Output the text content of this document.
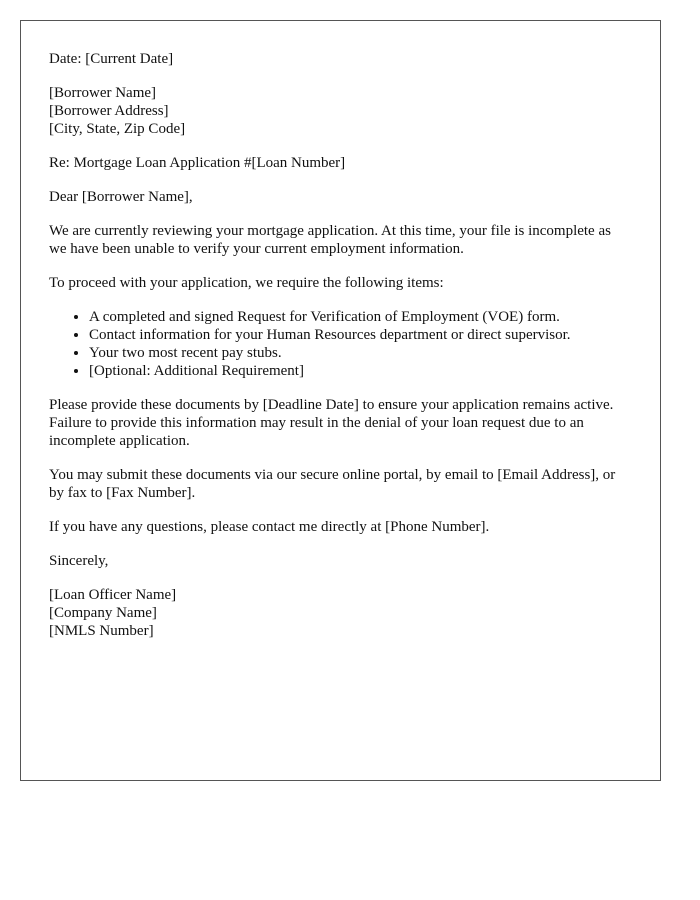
Date: [Current Date]

[Borrower Name]
[Borrower Address]
[City, State, Zip Code]

Re: Mortgage Loan Application #[Loan Number]

Dear [Borrower Name],

We are currently reviewing your mortgage application. At this time, your file is incomplete as we have been unable to verify your current employment information.

To proceed with your application, we require the following items:

• A completed and signed Request for Verification of Employment (VOE) form.
• Contact information for your Human Resources department or direct supervisor.
• Your two most recent pay stubs.
• [Optional: Additional Requirement]

Please provide these documents by [Deadline Date] to ensure your application remains active. Failure to provide this information may result in the denial of your loan request due to an incomplete application.

You may submit these documents via our secure online portal, by email to [Email Address], or by fax to [Fax Number].

If you have any questions, please contact me directly at [Phone Number].

Sincerely,

[Loan Officer Name]
[Company Name]
[NMLS Number]
